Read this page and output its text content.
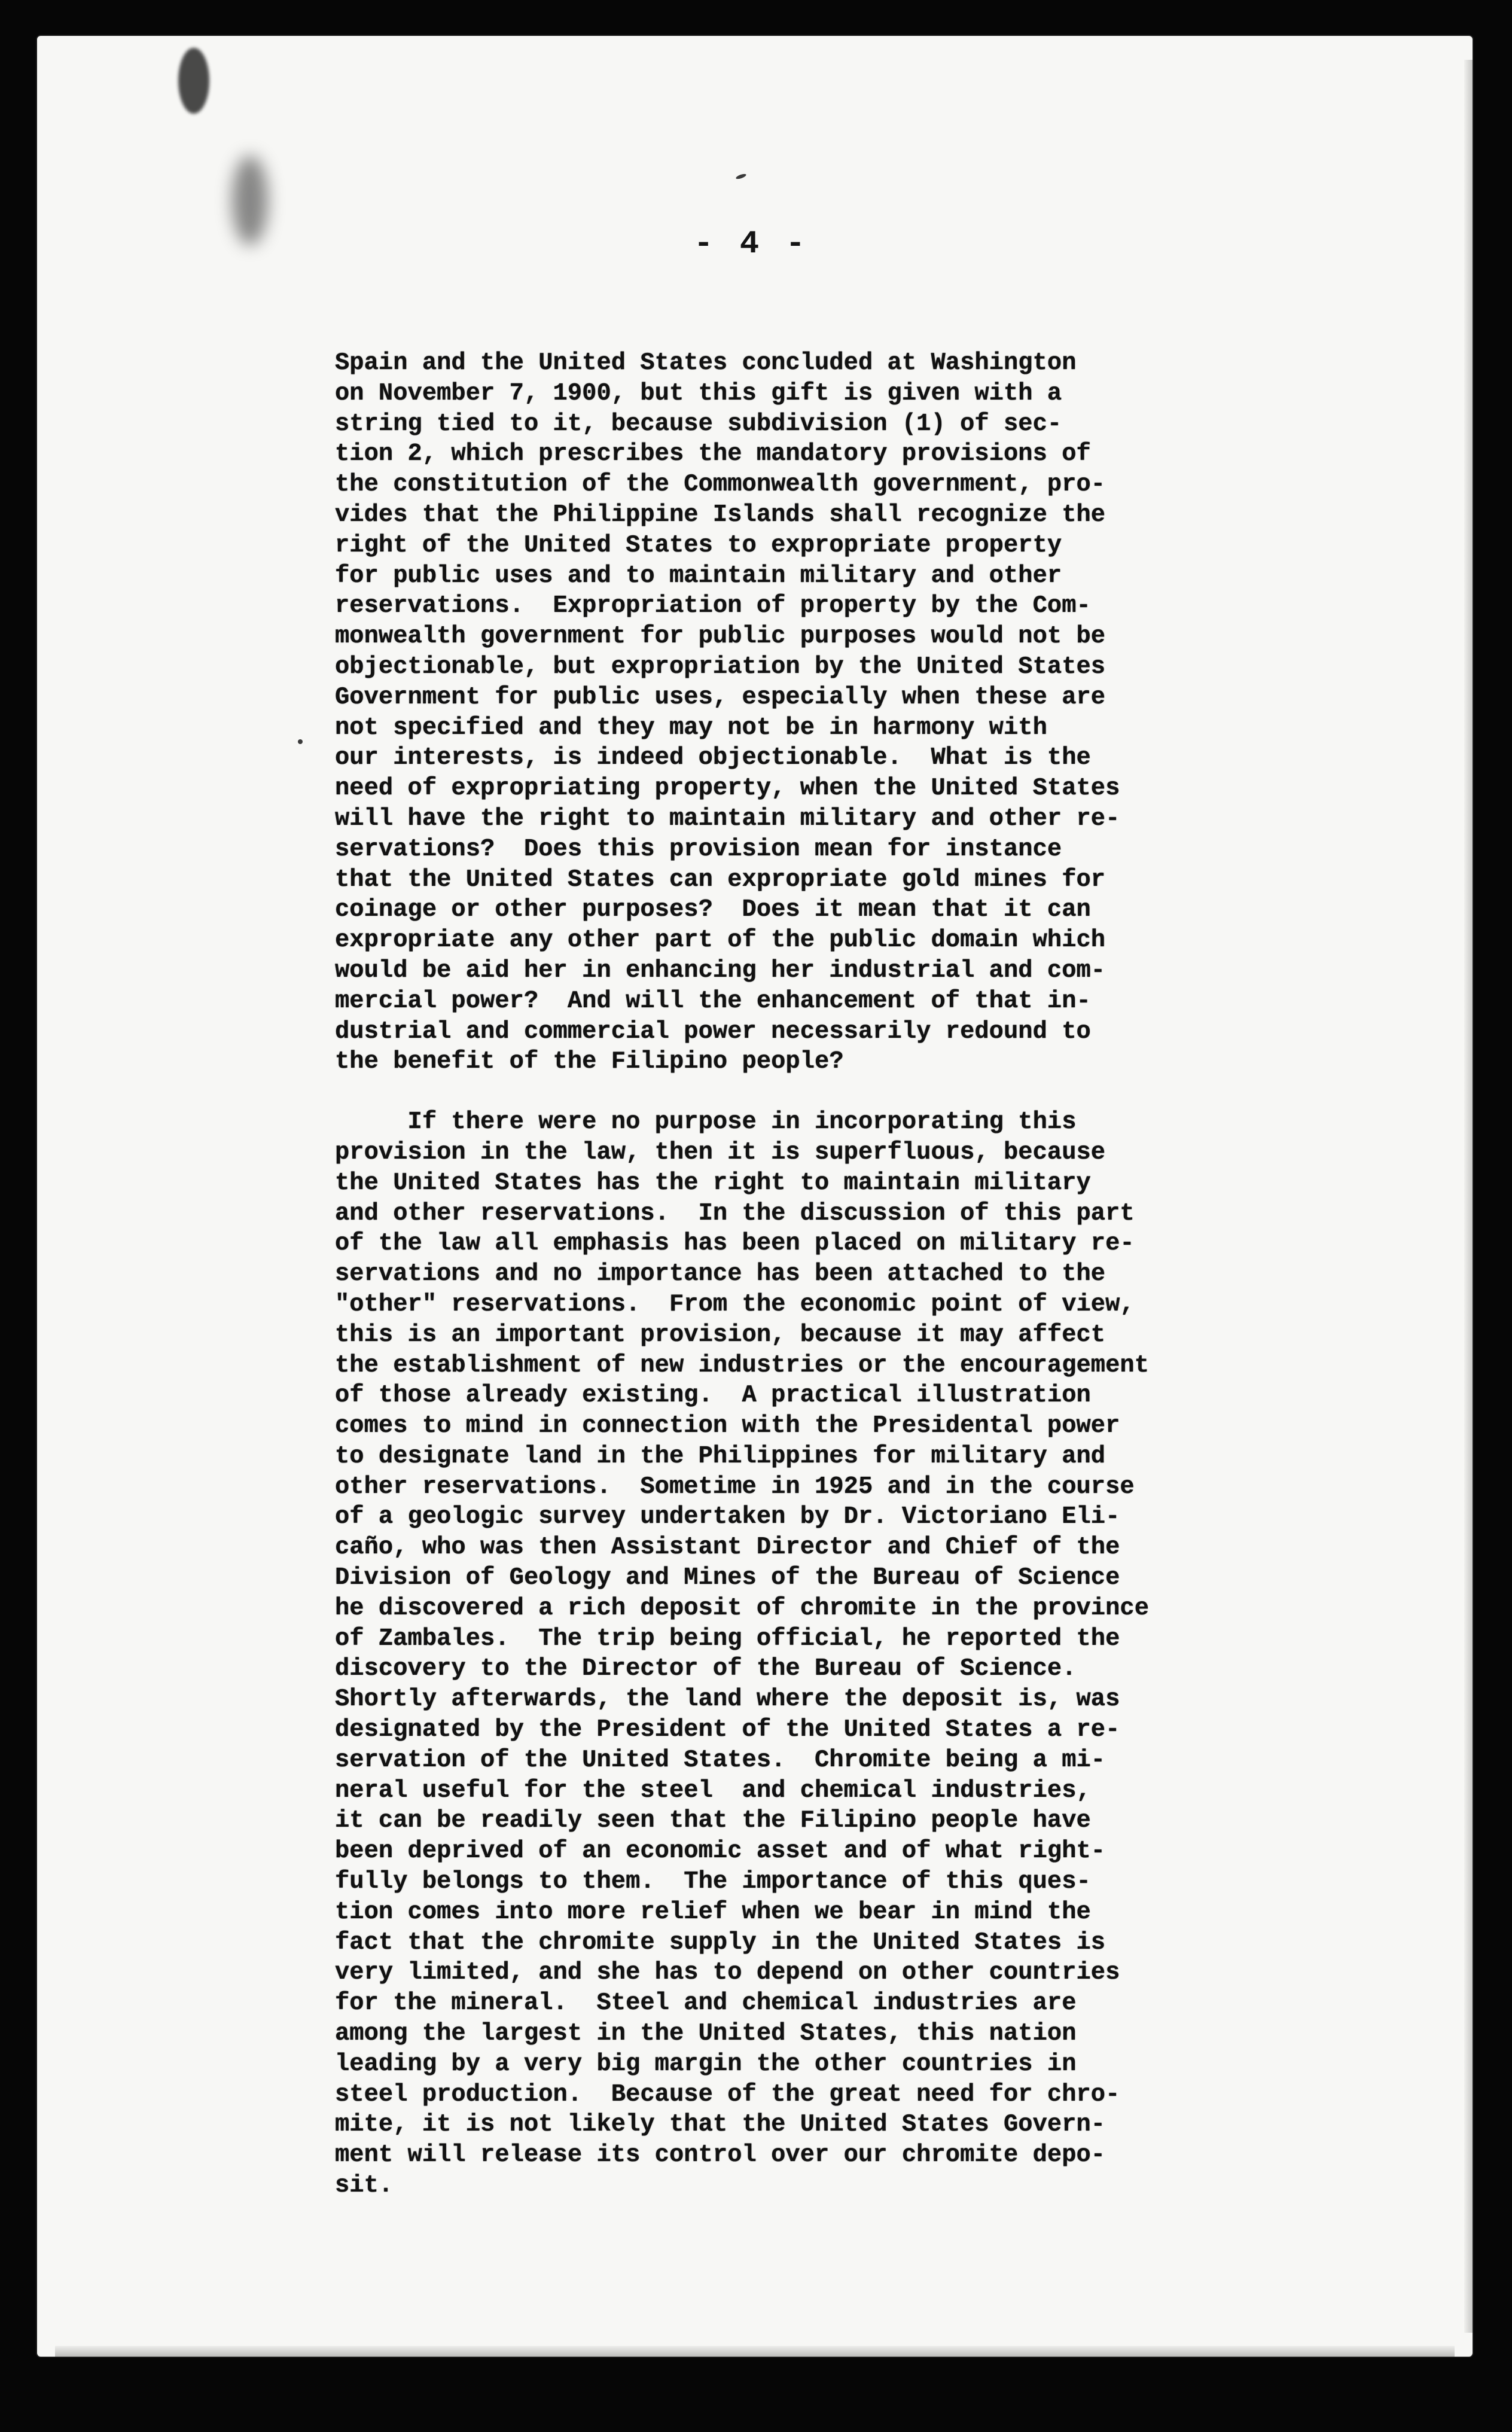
- 4 -
Spain and the United States concluded at Washington
on November 7, 1900, but this gift is given with a
string tied to it, because subdivision (1) of sec-
tion 2, which prescribes the mandatory provisions of
the constitution of the Commonwealth government, pro-
vides that the Philippine Islands shall recognize the
right of the United States to expropriate property
for public uses and to maintain military and other
reservations.  Expropriation of property by the Com-
monwealth government for public purposes would not be
objectionable, but expropriation by the United States
Government for public uses, especially when these are
not specified and they may not be in harmony with
our interests, is indeed objectionable.  What is the
need of expropriating property, when the United States
will have the right to maintain military and other re-
servations?  Does this provision mean for instance
that the United States can expropriate gold mines for
coinage or other purposes?  Does it mean that it can
expropriate any other part of the public domain which
would be aid her in enhancing her industrial and com-
mercial power?  And will the enhancement of that in-
dustrial and commercial power necessarily redound to
the benefit of the Filipino people?
If there were no purpose in incorporating this
provision in the law, then it is superfluous, because
the United States has the right to maintain military
and other reservations.  In the discussion of this part
of the law all emphasis has been placed on military re-
servations and no importance has been attached to the
"other" reservations.  From the economic point of view,
this is an important provision, because it may affect
the establishment of new industries or the encouragement
of those already existing.  A practical illustration
comes to mind in connection with the Presidental power
to designate land in the Philippines for military and
other reservations.  Sometime in 1925 and in the course
of a geologic survey undertaken by Dr. Victoriano Eli-
caño, who was then Assistant Director and Chief of the
Division of Geology and Mines of the Bureau of Science
he discovered a rich deposit of chromite in the province
of Zambales.  The trip being official, he reported the
discovery to the Director of the Bureau of Science.
Shortly afterwards, the land where the deposit is, was
designated by the President of the United States a re-
servation of the United States.  Chromite being a mi-
neral useful for the steel  and chemical industries,
it can be readily seen that the Filipino people have
been deprived of an economic asset and of what right-
fully belongs to them.  The importance of this ques-
tion comes into more relief when we bear in mind the
fact that the chromite supply in the United States is
very limited, and she has to depend on other countries
for the mineral.  Steel and chemical industries are
among the largest in the United States, this nation
leading by a very big margin the other countries in
steel production.  Because of the great need for chro-
mite, it is not likely that the United States Govern-
ment will release its control over our chromite depo-
sit.
